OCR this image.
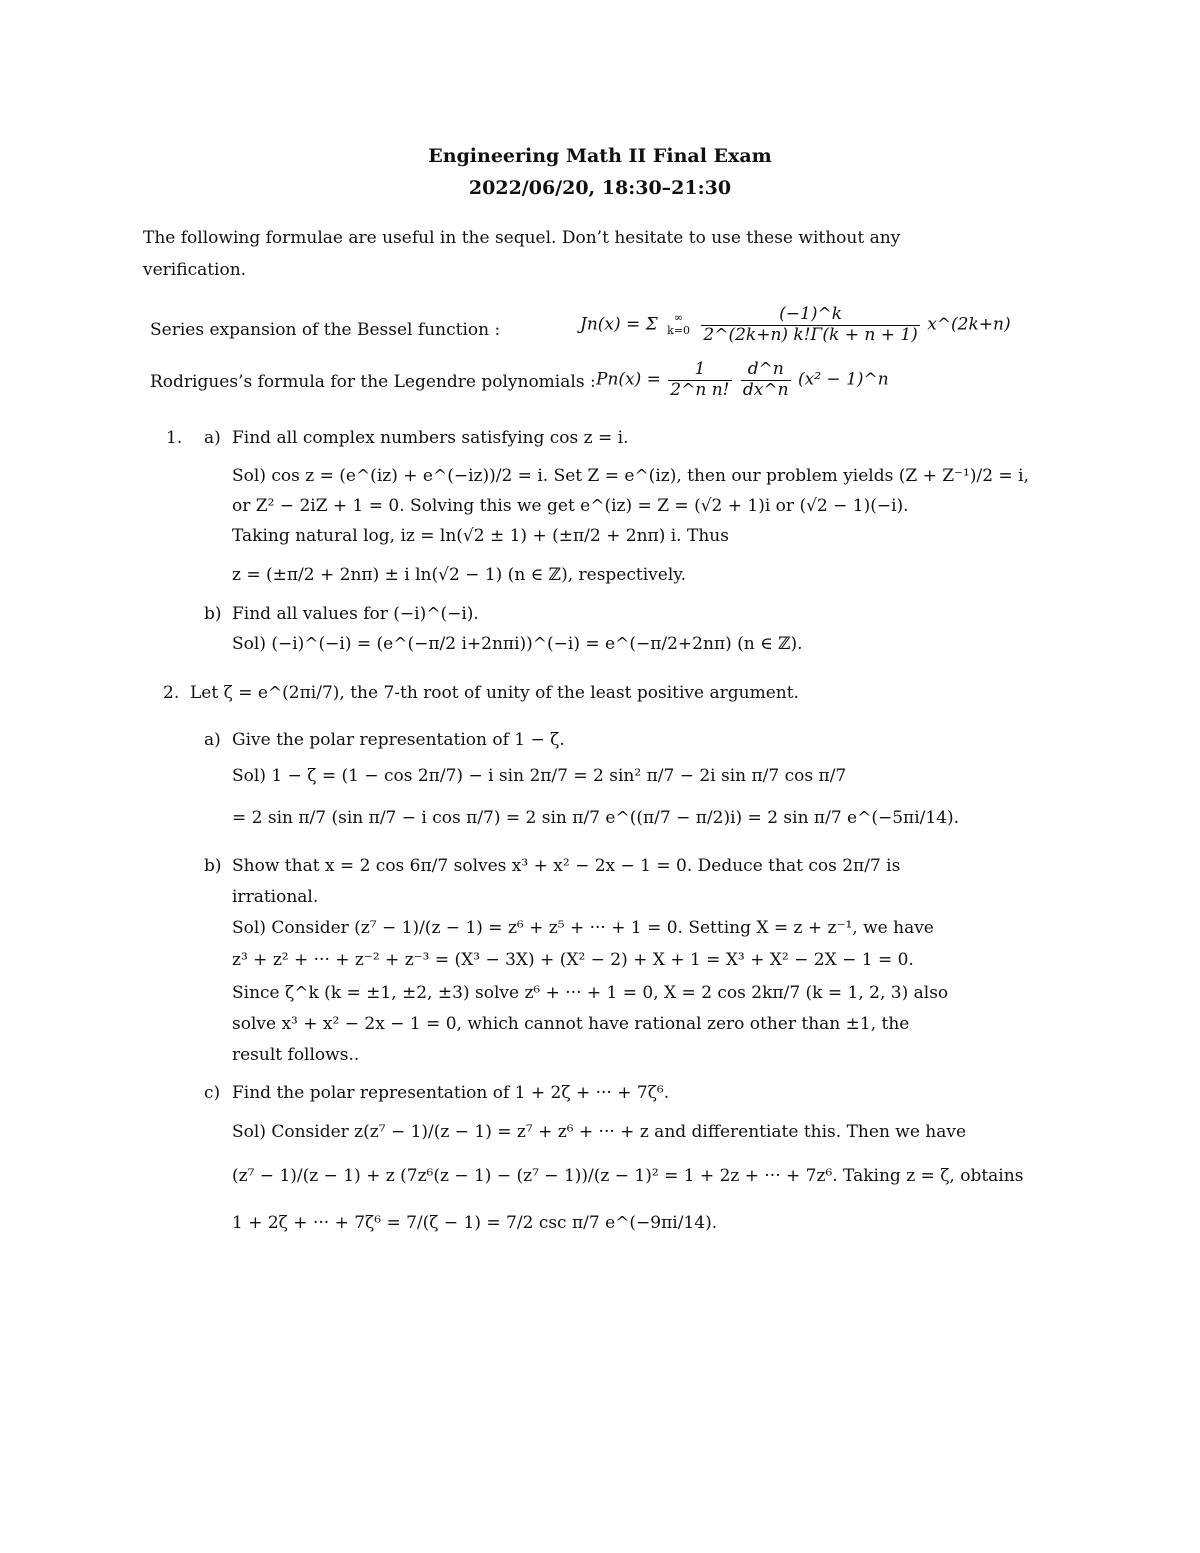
Engineering Math II Final Exam
2022/06/20, 18:30–21:30
The following formulae are useful in the sequel. Don’t hesitate to use these without any
verification.
Series expansion of the Bessel function :	Jn(x) = Σ	∞
k=0
$\frac{(-1)\^{}k}{2\^{}(2k+n) k!\Gamma(k + n + 1)}$ x^(2k+n)
Rodrigues’s formula for the Legendre polynomials : $Pn(x) = \frac{1}{\text{2\textasciicircum{}n n!}}$
$\frac{d\^{}n}{dx\^{}n} (x^2$ − 1)^n
1. a) Find all complex numbers satisfying cos z = i.
Sol) cos z = (e^(iz) + e^(−iz))/2 = i. Set Z = e^(iz), then our problem yields (Z + Z⁻¹)/2 = i,
or Z² − 2iZ + 1 = 0. Solving this we get e^(iz) = Z = (√2 + 1)i or (√2 − 1)(−i).
Taking natural log, iz = ln(√2 ± 1) + (±π/2 + 2nπ) i. Thus
z = (±π/2 + 2nπ) ± i ln(√2 − 1) (n ∈ ℤ), respectively.
b) Find all values for (−i)^(−i).
Sol) (−i)^(−i) = (e^(−π/2 i+2nπi))^(−i) = e^(−π/2+2nπ) (n ∈ ℤ).
2. Let ζ = e^(2πi/7), the 7-th root of unity of the least positive argument.
a) Give the polar representation of 1 − ζ.
Sol) 1 − ζ = (1 − cos 2π/7) − i sin 2π/7 = 2 sin² π/7 − 2i sin π/7 cos π/7
= 2 sin π/7 (sin π/7 − i cos π/7) = 2 sin π/7 e^((π/7 − π/2)i) = 2 sin π/7 e^(−5πi/14).
b) Show that x = 2 cos 6π/7 solves x³ + x² − 2x − 1 = 0. Deduce that cos 2π/7 is
irrational.
Sol) Consider (z⁷ − 1)/(z − 1) = z⁶ + z⁵ + ··· + 1 = 0. Setting X = z + z⁻¹, we have
z³ + z² + ··· + z⁻² + z⁻³ = (X³ − 3X) + (X² − 2) + X + 1 = X³ + X² − 2X − 1 = 0.
Since ζ^k (k = ±1, ±2, ±3) solve z⁶ + ··· + 1 = 0, X = 2 cos 2kπ/7 (k = 1, 2, 3) also
solve x³ + x² − 2x − 1 = 0, which cannot have rational zero other than ±1, the
result follows..
c) Find the polar representation of 1 + 2ζ + ··· + 7ζ⁶.
Sol) Consider z(z⁷ − 1)/(z − 1) = z⁷ + z⁶ + ··· + z and differentiate this. Then we have
(z⁷ − 1)/(z − 1) + z (7z⁶(z − 1) − (z⁷ − 1))/(z − 1)² = 1 + 2z + ··· + 7z⁶. Taking z = ζ, obtains
1 + 2ζ + ··· + 7ζ⁶ = 7/(ζ − 1) = 7/2 csc π/7 e^(−9πi/14).
